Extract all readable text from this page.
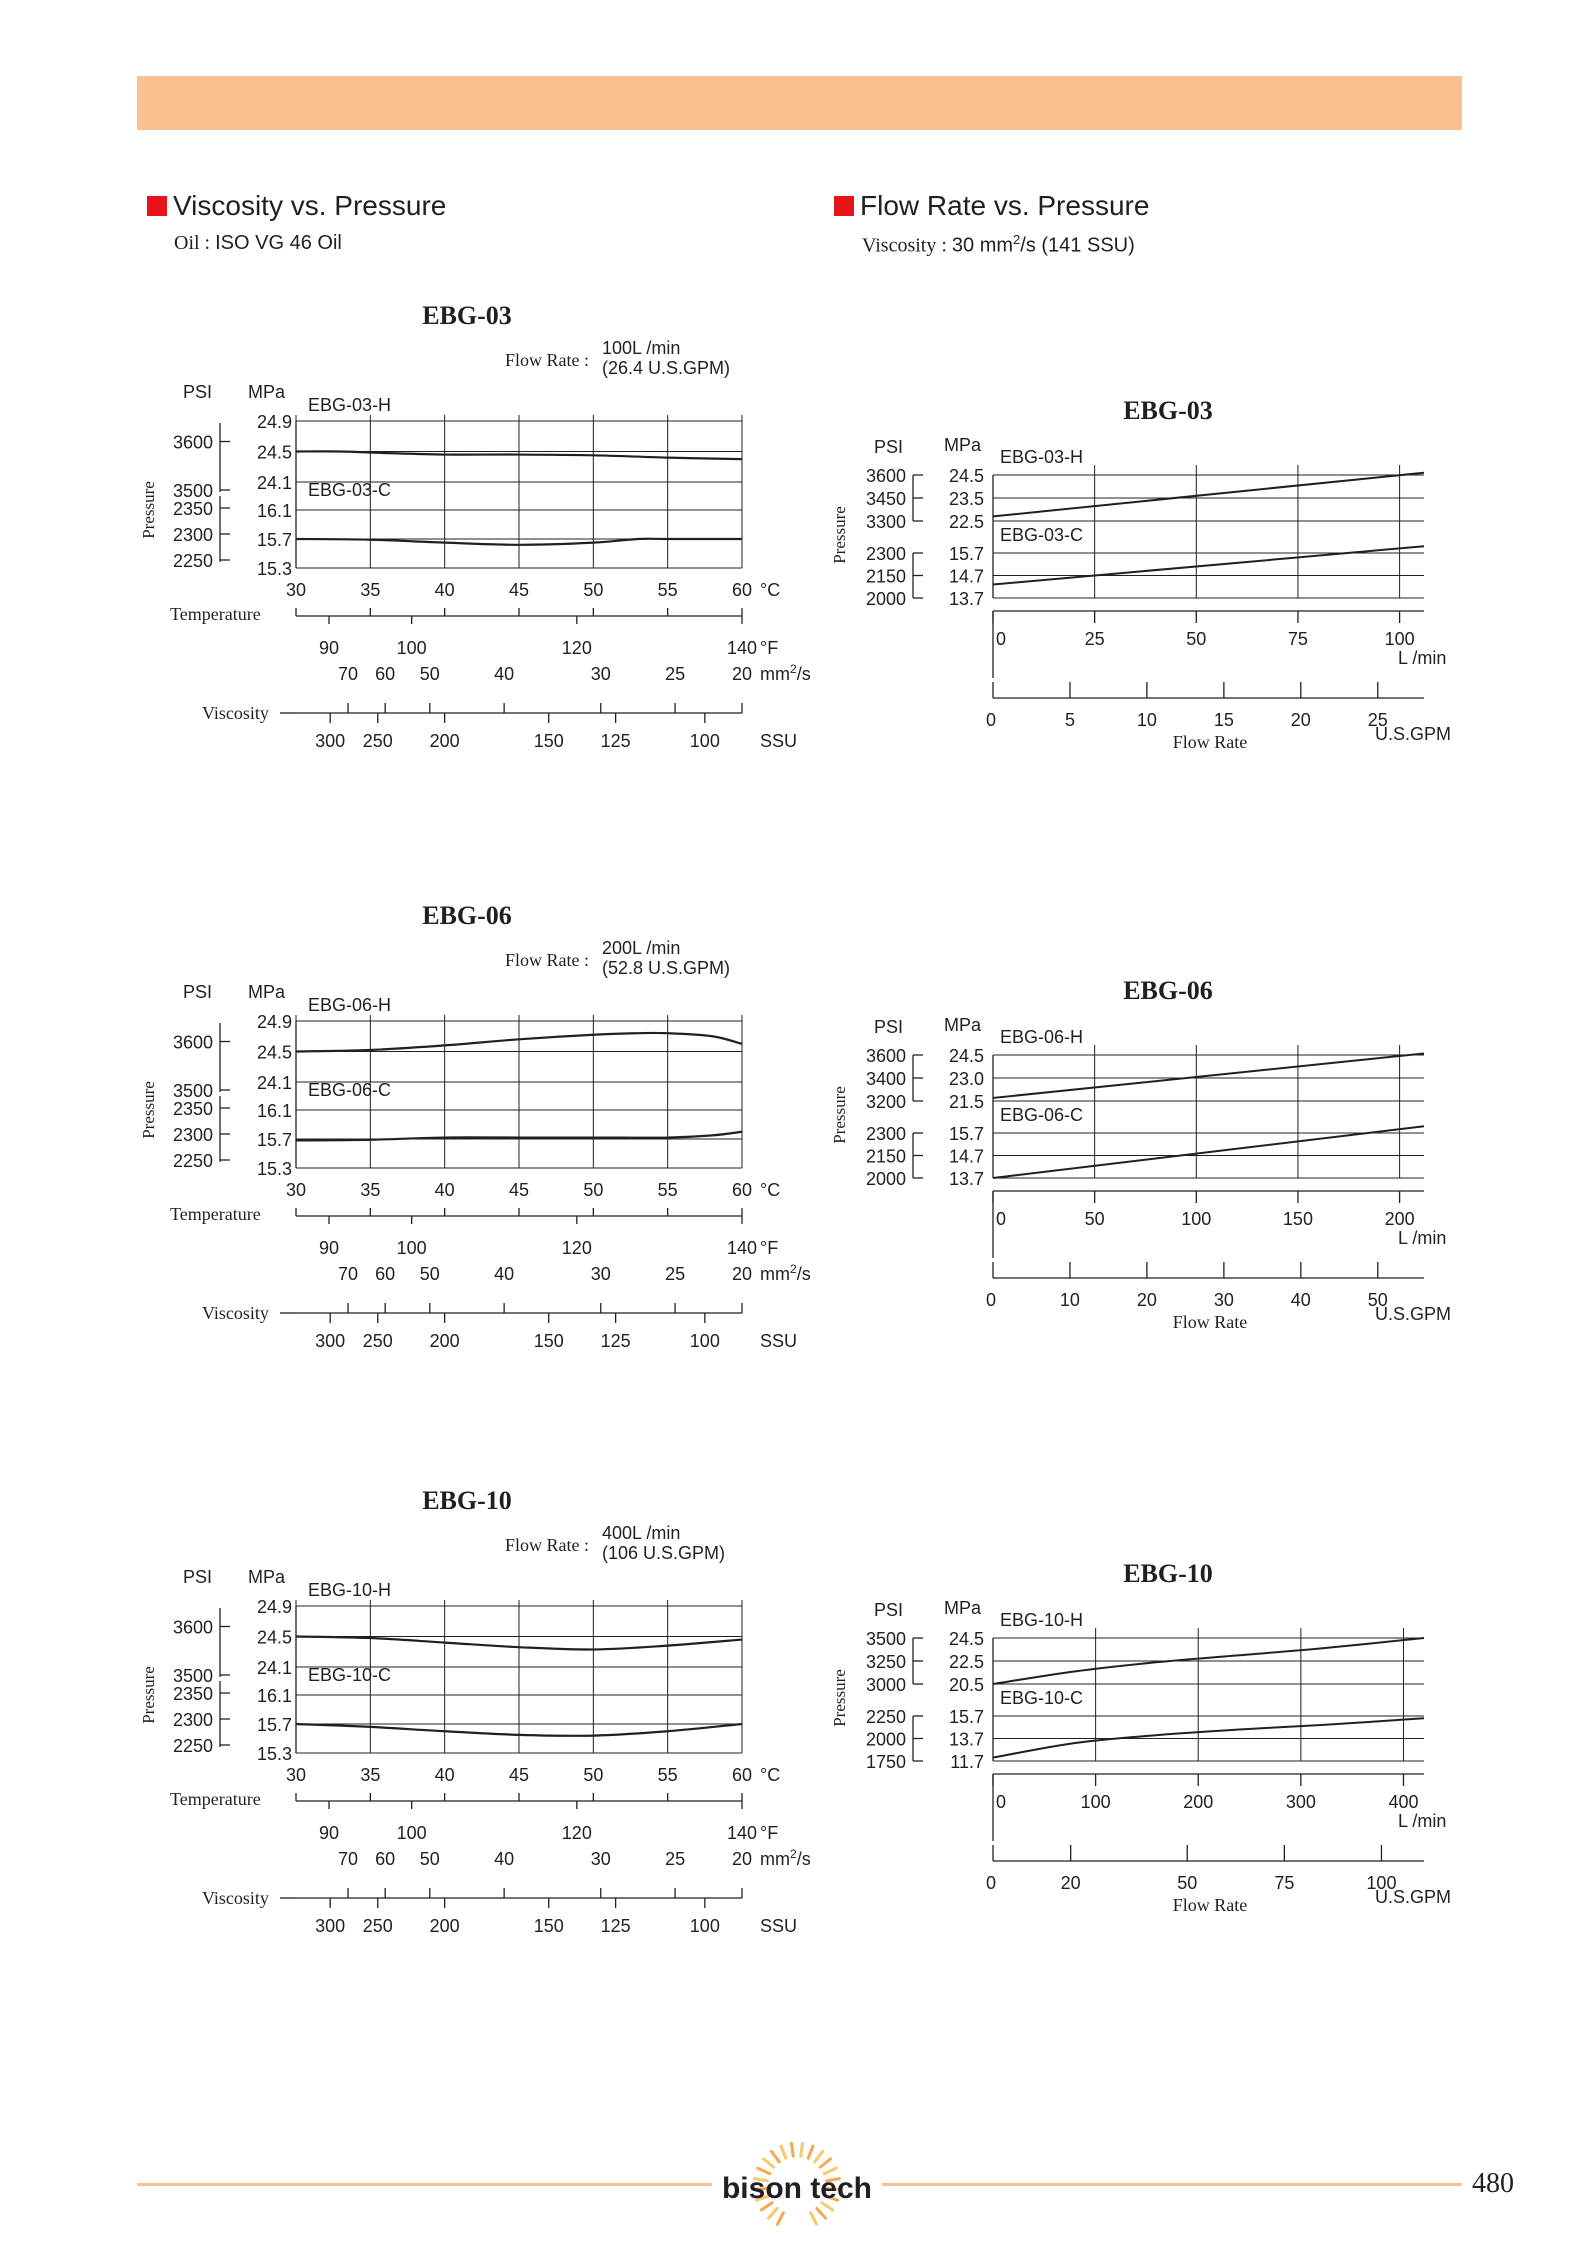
Viscosity vs. Pressure
Oil : ISO VG 46 Oil
Flow Rate vs. Pressure
Viscosity : 30 $mm^2/s$ (141 SSU)
EBG-03
Flow Rate :
100L /min
(26.4 U.S.GPM)
PSI MPa
Pressure
24.9
24.5
24.1
16.1
15.7
15.3
3600
3500
2350
2300
2250
EBG-03-H
EBG-03-C
30	35	40	45	50	55	60 °C
Temperature
90	100	120	140 °F
70 60 50	40	30	25	20 $mm^2/s$
Viscosity
300 250 200	150 125	100 SSU
EBG-06
Flow Rate :
200L /min
(52.8 U.S.GPM)
PSI MPa
Pressure
24.9
24.5
24.1
16.1
15.7
15.3
3600
3500
2350
2300
2250
EBG-06-H
EBG-06-C
30	35	40	45	50	55	60 °C
Temperature
90	100	120	140 °F
70 60 50	40	30	25	20 $mm^2/s$
Viscosity
300 250 200	150 125	100 SSU
EBG-10
Flow Rate :
400L /min
(106 U.S.GPM)
PSI MPa
Pressure
24.9
24.5
24.1
16.1
15.7
15.3
3600
3500
2350
2300
2250
EBG-10-H
EBG-10-C
30	35	40	45	50	55	60 °C
Temperature
90	100	120	140 °F
70 60 50	40	30	25	20 $mm^2/s$
Viscosity
300 250 200	150 125	100 SSU
EBG-03
PSI MPa
Pressure
24.5
23.5
22.5
15.7
14.7
13.7
3600
3450
3300
2300
2150
2000
EBG-03-H
EBG-03-C
0	25	50	75	100
L /min
0	5	10	15	20	25
U.S.GPM
Flow Rate
EBG-06
PSI MPa
Pressure
24.5
23.0
21.5
15.7
14.7
13.7
3600
3400
3200
2300
2150
2000
EBG-06-H
EBG-06-C
0	50	100	150	200
L /min
0	10	20	30	40	50
U.S.GPM
Flow Rate
EBG-10
PSI MPa
Pressure
24.5
22.5
20.5
15.7
13.7
11.7
3500
3250
3000
2250
2000
1750
EBG-10-H
EBG-10-C
0	100	200	300	400
L /min
0	20	50	75	100
U.S.GPM
Flow Rate
bison tech	480
